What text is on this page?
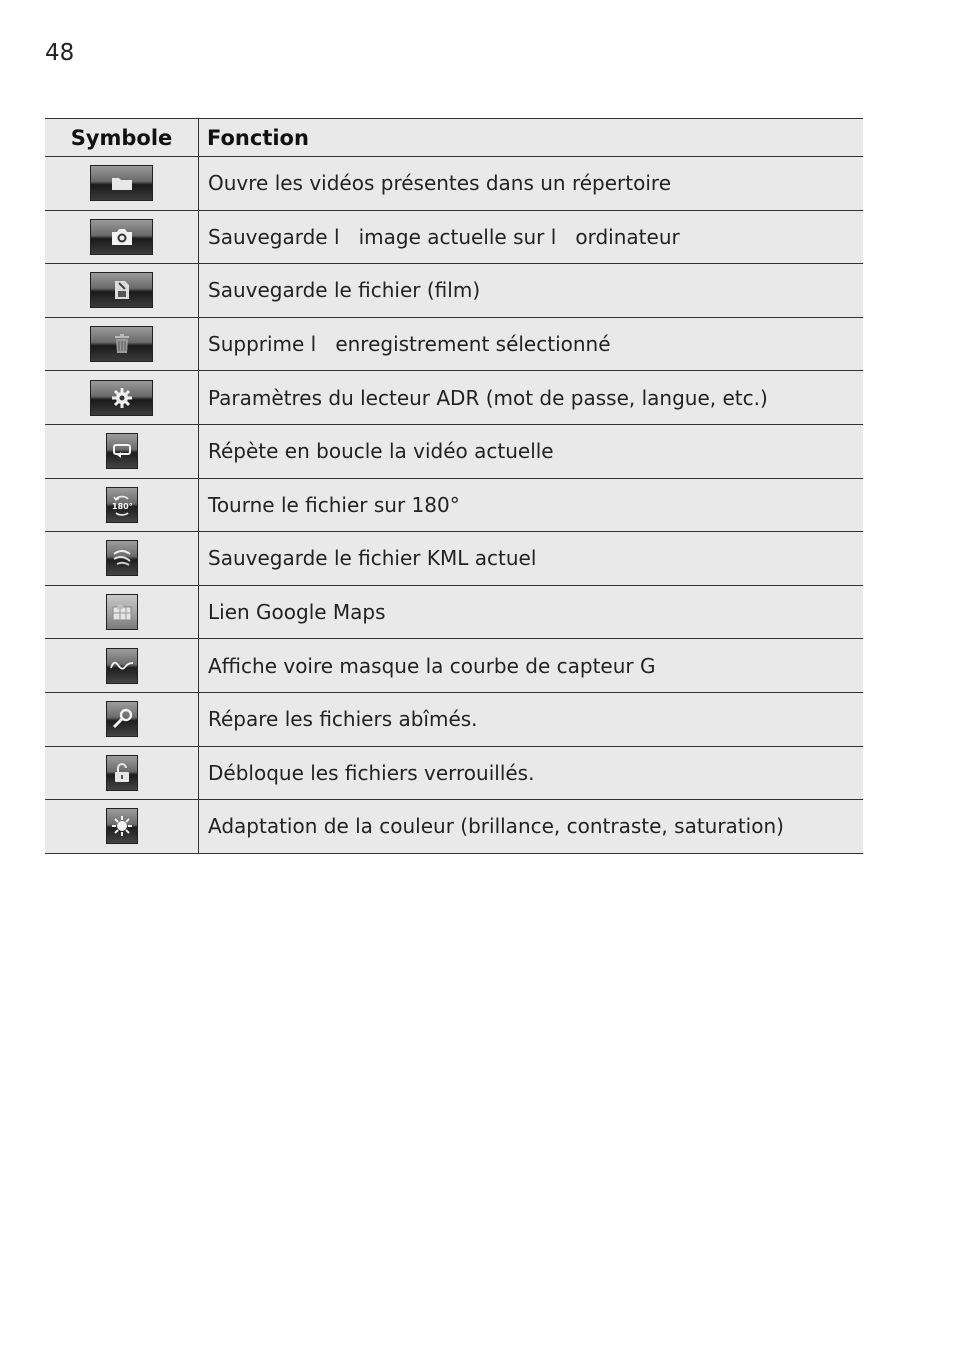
48
Symbole	Fonction

	Ouvre les vidéos présentes dans un répertoire

	Sauvegarde l   image actuelle sur l   ordinateur

	Sauvegarde le fichier (film)

	Supprime l   enregistrement sélectionné

	Paramètres du lecteur ADR (mot de passe, langue, etc.)

	Répète en boucle la vidéo actuelle

180°	Tourne le fichier sur 180°

	Sauvegarde le fichier KML actuel

	Lien Google Maps

	Affiche voire masque la courbe de capteur G

	Répare les fichiers abîmés.

	Débloque les fichiers verrouillés.

	Adaptation de la couleur (brillance, contraste, saturation)
